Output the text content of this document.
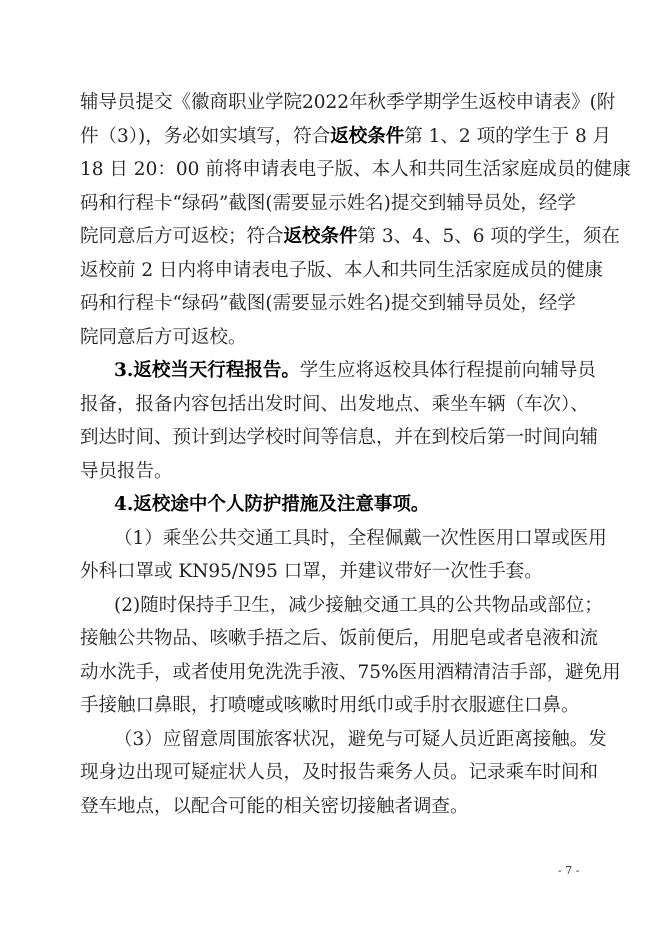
辅导员提交《徽商职业学院2022年秋季学期学生返校申请表》(附
件（3）)，务必如实填写，符合返校条件第 1、2 项的学生于 8 月
18 日 20：00 前将申请表电子版、本人和共同生活家庭成员的健康
码和行程卡“绿码”截图(需要显示姓名)提交到辅导员处，经学
院同意后方可返校；符合返校条件第 3、4、5、6 项的学生，须在
返校前 2 日内将申请表电子版、本人和共同生活家庭成员的健康
码和行程卡“绿码”截图(需要显示姓名)提交到辅导员处，经学
院同意后方可返校。
3.返校当天行程报告。学生应将返校具体行程提前向辅导员
报备，报备内容包括出发时间、出发地点、乘坐车辆（车次）、
到达时间、预计到达学校时间等信息，并在到校后第一时间向辅
导员报告。
4.返校途中个人防护措施及注意事项。
（1）乘坐公共交通工具时，全程佩戴一次性医用口罩或医用
外科口罩或 KN95/N95 口罩，并建议带好一次性手套。
(2)随时保持手卫生，减少接触交通工具的公共物品或部位；
接触公共物品、咳嗽手捂之后、饭前便后，用肥皂或者皂液和流
动水洗手，或者使用免洗洗手液、75%医用酒精清洁手部，避免用
手接触口鼻眼，打喷嚏或咳嗽时用纸巾或手肘衣服遮住口鼻。
（3）应留意周围旅客状况，避免与可疑人员近距离接触。发
现身边出现可疑症状人员，及时报告乘务人员。记录乘车时间和
登车地点，以配合可能的相关密切接触者调查。
- 7 -
